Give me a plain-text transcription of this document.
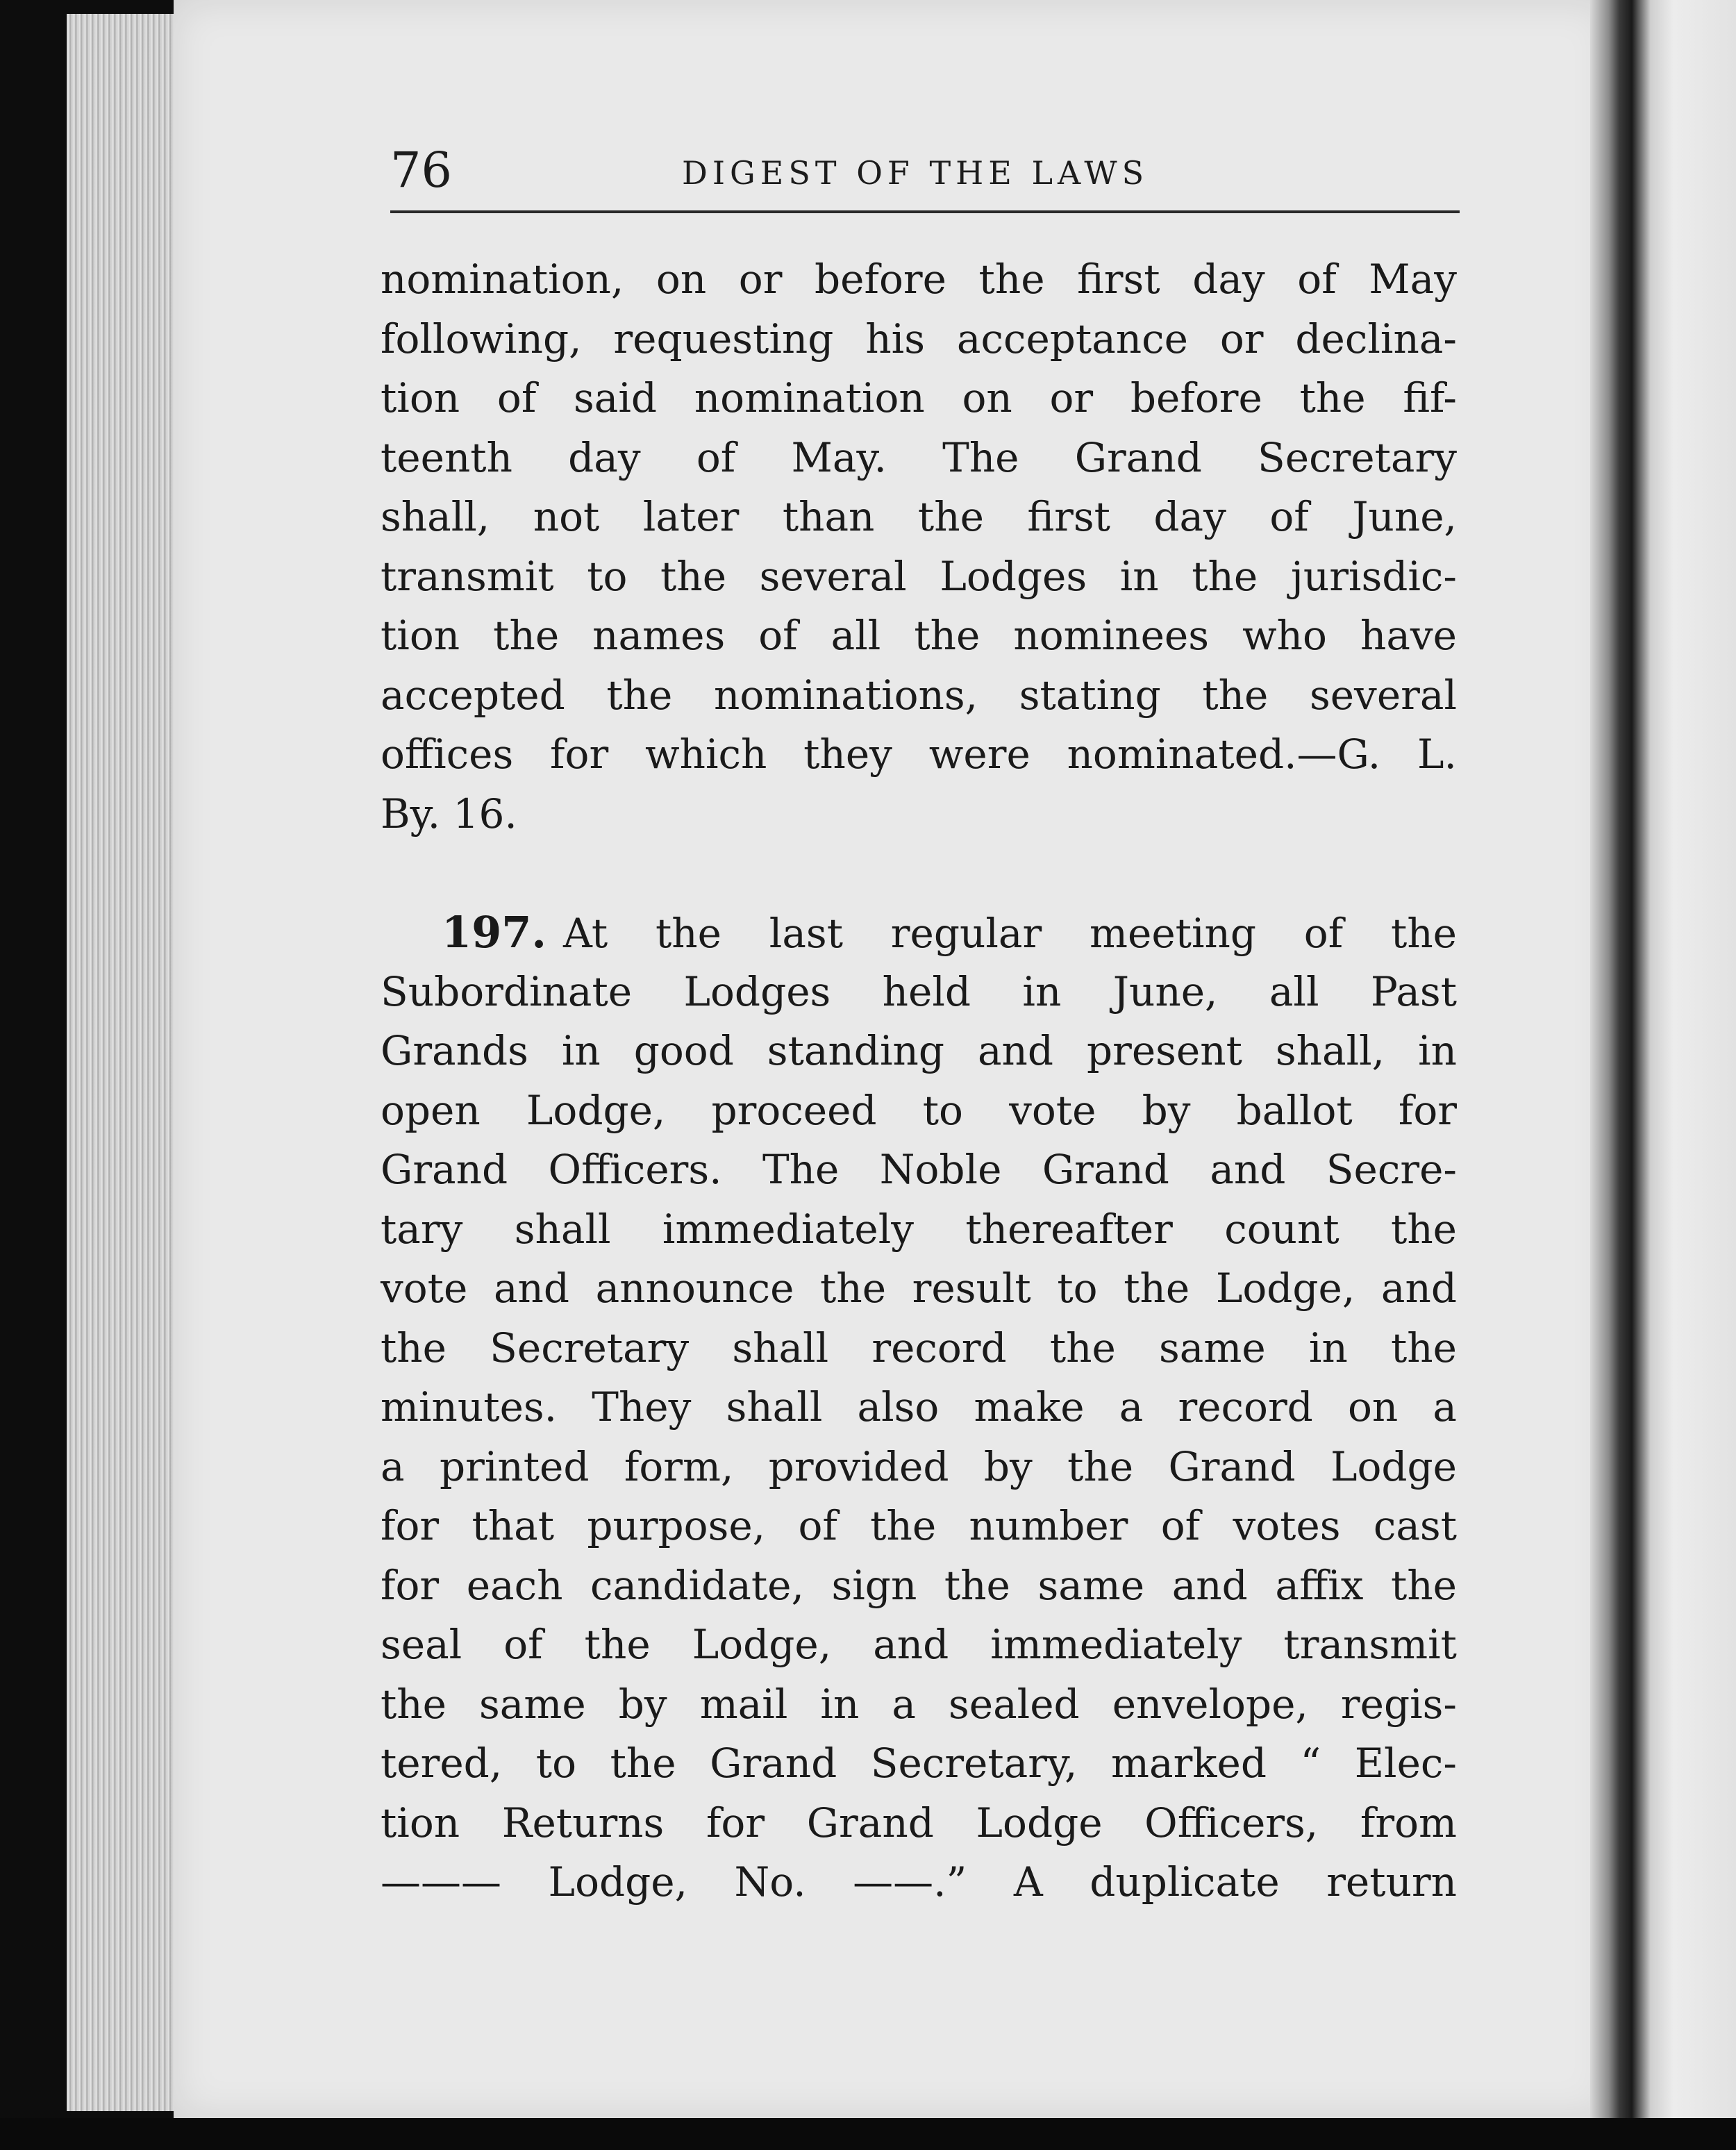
76	DIGEST OF THE LAWS
nomination, on or before the first day of May
following, requesting his acceptance or declina-
tion of said nomination on or before the fif-
teenth day of May. The Grand Secretary
shall, not later than the first day of June,
transmit to the several Lodges in the jurisdic-
tion the names of all the nominees who have
accepted the nominations, stating the several
offices for which they were nominated.—G. L.
By. 16.
197. At the last regular meeting of the
Subordinate Lodges held in June, all Past
Grands in good standing and present shall, in
open Lodge, proceed to vote by ballot for
Grand Officers. The Noble Grand and Secre-
tary shall immediately thereafter count the
vote and announce the result to the Lodge, and
the Secretary shall record the same in the
minutes. They shall also make a record on a
a printed form, provided by the Grand Lodge
for that purpose, of the number of votes cast
for each candidate, sign the same and affix the
seal of the Lodge, and immediately transmit
the same by mail in a sealed envelope, regis-
tered, to the Grand Secretary, marked “ Elec-
tion Returns for Grand Lodge Officers, from
——— Lodge, No. ——.” A duplicate return
